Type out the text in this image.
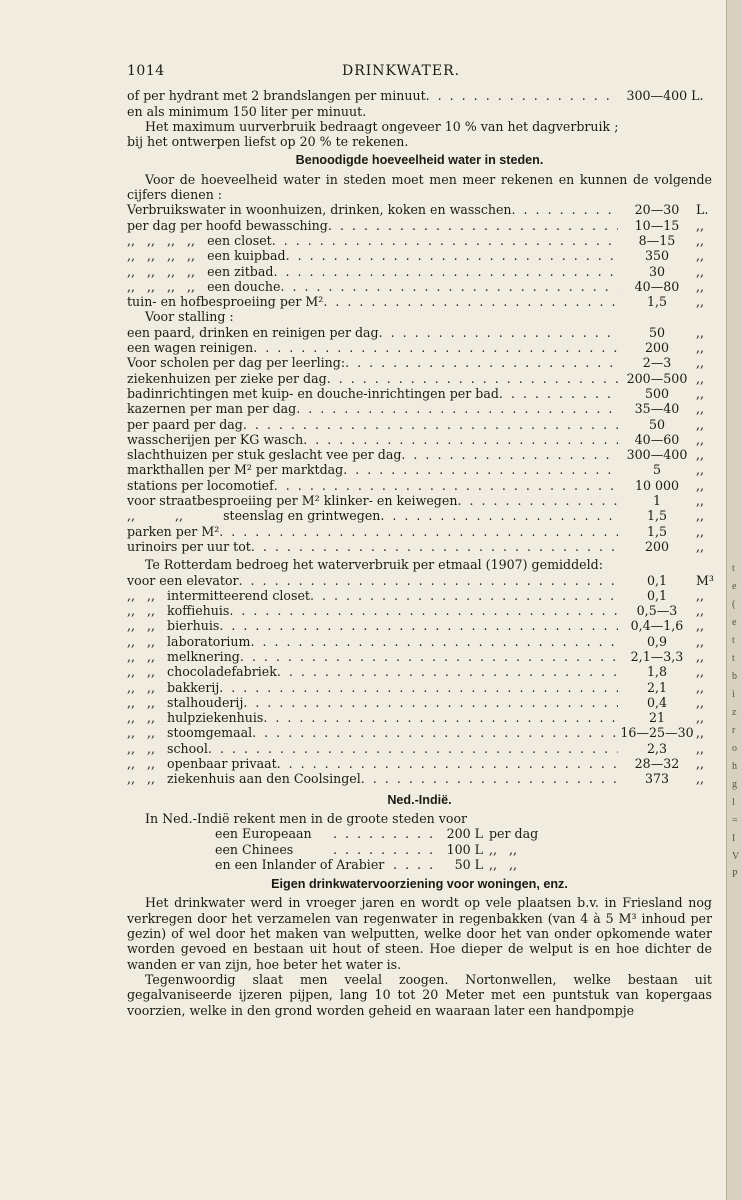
1014	DRINKWATER.
of per hydrant met 2 brandslangen per minuut . . .	300—400 L.

en als minimum 150 liter per minuut.

Het maximum uurverbruik bedraagt ongeveer 10 % van het dagverbruik ;

bij het ontwerpen liefst op 20 % te rekenen.

Benoodigde hoeveelheid water in steden.

Voor de hoeveelheid water in steden moet men meer rekenen en kunnen de volgende cijfers dienen :

Verbruikswater in woonhuizen, drinken, koken en wasschen . . .	20—30	L.
per dag per hoofd bewassching . . .	10—15	,,
,,   ,,   ,,   ,,   een closet . . .	8—15	,,
,,   ,,   ,,   ,,   een kuipbad . . .	350	,,
,,   ,,   ,,   ,,   een zitbad . . .	30	,,
,,   ,,   ,,   ,,   een douche . . .	40—80	,,
tuin- en hofbesproeiing per M² . . .	1,5	,,

Voor stalling :

een paard, drinken en reinigen per dag . . .	50	,,
een wagen reinigen . . .	200	,,
Voor scholen per dag per leerling: . . .	2—3	,,
ziekenhuizen per zieke per dag . . .	200—500 ,,
badinrichtingen met kuip- en douche-inrichtingen per bad . . .	500	,,
kazernen per man per dag . . .	35—40	,,
per paard per dag . . .	50	,,
wasscherijen per KG wasch . . .	40—60	,,
slachthuizen per stuk geslacht vee per dag . . .	300—400 ,,
markthallen per M² per marktdag . . .	5	,,
stations per locomotief . . .	10 000	,,
voor straatbesproeiing per M² klinker- en keiwegen . . .	1	,,
,,          ,,          steenslag en grintwegen . . .	1,5	,,
parken per M² . . .	1,5	,,
urinoirs per uur tot . . .	200	,,

Te Rotterdam bedroeg het waterverbruik per etmaal (1907) gemiddeld:

voor een elevator . . .	0,1	M³
,,   ,,   intermitteerend closet . . .	0,1	,,
,,   ,,   koffiehuis . . .	0,5—3	,,
,,   ,,   bierhuis . . .	0,4—1,6	,,
,,   ,,   laboratorium . . .	0,9	,,
,,   ,,   melknering . . .	2,1—3,3	,,
,,   ,,   chocoladefabriek . . .	1,8	,,
,,   ,,   bakkerij . . .	2,1	,,
,,   ,,   stalhouderij . . .	0,4	,,
,,   ,,   hulpziekenhuis . . .	21	,,
,,   ,,   stoomgemaal . . .	16—25—30 ,,
,,   ,,   school . . .	2,3	,,
,,   ,,   openbaar privaat . . .	28—32	,,
,,   ,,   ziekenhuis aan den Coolsingel . . .	373	,,
Ned.-Indië.

In Ned.-Indië rekent men in de groote steden voor

een Europeaan . . .	200 L per dag
een Chinees . . .	100 L ,,   ,,
en een Inlander of Arabier . . .	50 L ,,   ,,
Eigen drinkwatervoorziening voor woningen, enz.

Het drinkwater werd in vroeger jaren en wordt op vele plaatsen b.v. in Friesland nog verkregen door het verzamelen van regenwater in regenbakken (van 4 à 5 M³ inhoud per gezin) of wel door het maken van welputten, welke door het van onder opkomende water worden gevoed en bestaan uit hout of steen. Hoe dieper de welput is en hoe dichter de wanden er van zijn, hoe beter het water is.

Tegenwoordig slaat men veelal zoogen. Nortonwellen, welke bestaan uit gegalvaniseerde ijzeren pijpen, lang 10 tot 20 Meter met een puntstuk van kopergaas voorzien, welke in den grond worden geheid en waaraan later een handpompje

t
e
(
e
t
t
b
i
z
r
o
h
g
l
=
I
V
P
